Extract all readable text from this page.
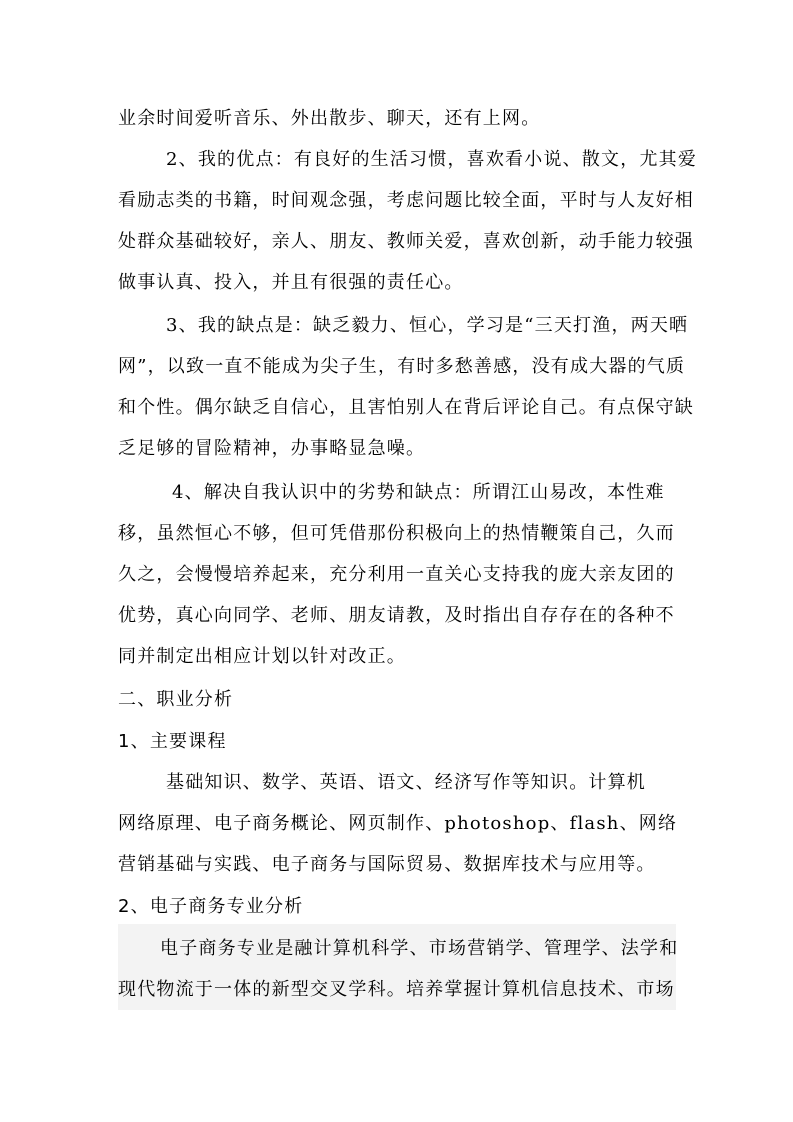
业余时间爱听音乐、外出散步、聊天，还有上网。
2、我的优点：有良好的生活习惯，喜欢看小说、散文，尤其爱
看励志类的书籍，时间观念强，考虑问题比较全面，平时与人友好相
处群众基础较好，亲人、朋友、教师关爱，喜欢创新，动手能力较强
做事认真、投入，并且有很强的责任心。
3、我的缺点是：缺乏毅力、恒心，学习是“三天打渔，两天晒
网”，以致一直不能成为尖子生，有时多愁善感，没有成大器的气质
和个性。偶尔缺乏自信心，且害怕别人在背后评论自己。有点保守缺
乏足够的冒险精神，办事略显急噪。
4、解决自我认识中的劣势和缺点：所谓江山易改，本性难
移，虽然恒心不够，但可凭借那份积极向上的热情鞭策自己，久而
久之，会慢慢培养起来，充分利用一直关心支持我的庞大亲友团的
优势，真心向同学、老师、朋友请教，及时指出自存存在的各种不
同并制定出相应计划以针对改正。
二、职业分析
1、主要课程
基础知识、数学、英语、语文、经济写作等知识。计算机
网络原理、电子商务概论、网页制作、photoshop、flash、网络
营销基础与实践、电子商务与国际贸易、数据库技术与应用等。
2、电子商务专业分析
电子商务专业是融计算机科学、市场营销学、管理学、法学和
现代物流于一体的新型交叉学科。培养掌握计算机信息技术、市场
